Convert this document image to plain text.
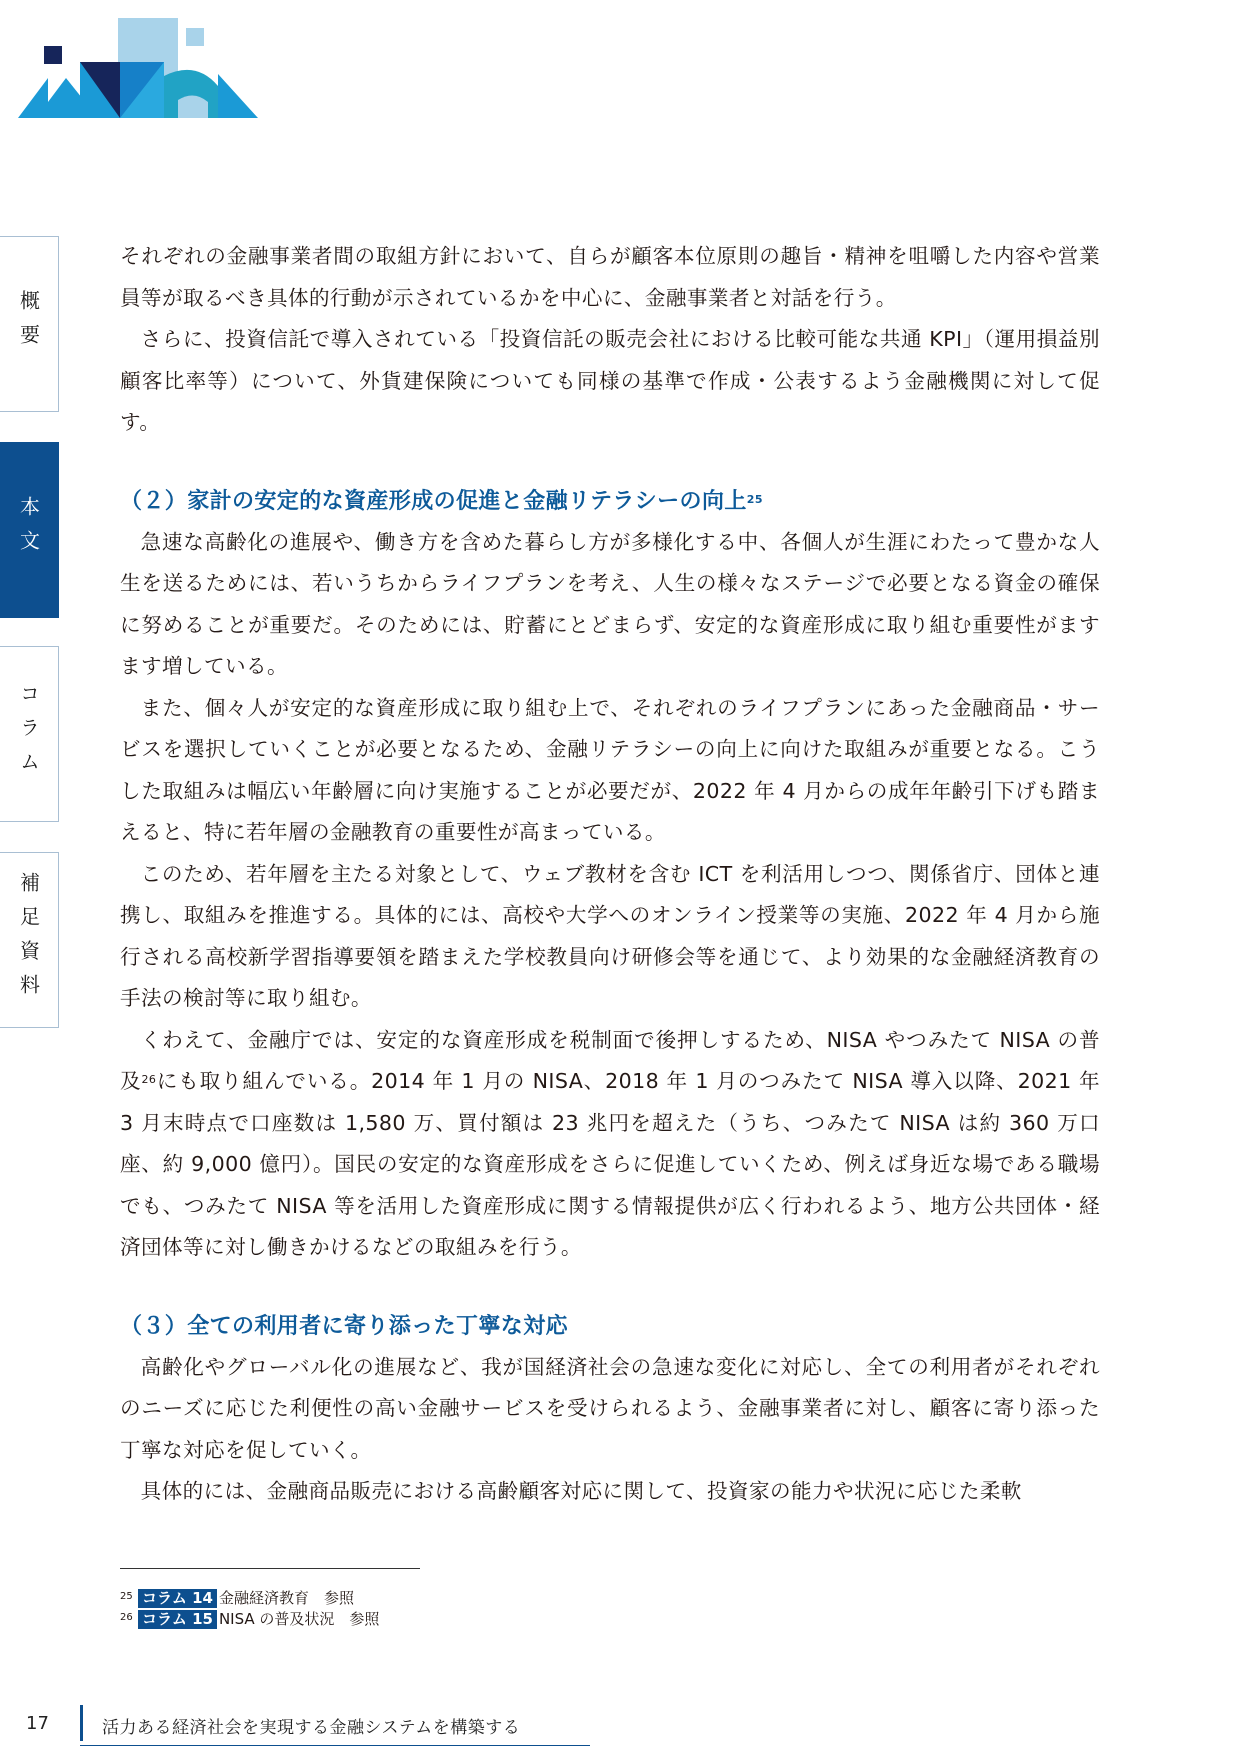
概要
本文
コラム
補足資料

それぞれの金融事業者間の取組方針において、自らが顧客本位原則の趣旨・精神を咀嚼した内容や営業員等が取るべき具体的行動が示されているかを中心に、金融事業者と対話を行う。

さらに、投資信託で導入されている「投資信託の販売会社における比較可能な共通 KPI」（運用損益別顧客比率等）について、外貨建保険についても同様の基準で作成・公表するよう金融機関に対して促す。

（２）家計の安定的な資産形成の促進と金融リテラシーの向上$^{25}$

急速な高齢化の進展や、働き方を含めた暮らし方が多様化する中、各個人が生涯にわたって豊かな人生を送るためには、若いうちからライフプランを考え、人生の様々なステージで必要となる資金の確保に努めることが重要だ。そのためには、貯蓄にとどまらず、安定的な資産形成に取り組む重要性がますます増している。

また、個々人が安定的な資産形成に取り組む上で、それぞれのライフプランにあった金融商品・サービスを選択していくことが必要となるため、金融リテラシーの向上に向けた取組みが重要となる。こうした取組みは幅広い年齢層に向け実施することが必要だが、2022 年 4 月からの成年年齢引下げも踏まえると、特に若年層の金融教育の重要性が高まっている。

このため、若年層を主たる対象として、ウェブ教材を含む ICT を利活用しつつ、関係省庁、団体と連携し、取組みを推進する。具体的には、高校や大学へのオンライン授業等の実施、2022 年 4 月から施行される高校新学習指導要領を踏まえた学校教員向け研修会等を通じて、より効果的な金融経済教育の手法の検討等に取り組む。

くわえて、金融庁では、安定的な資産形成を税制面で後押しするため、NISA やつみたて NISA の普及$^{26}$にも取り組んでいる。2014 年 1 月の NISA、2018 年 1 月のつみたて NISA 導入以降、2021 年 3 月末時点で口座数は 1,580 万、買付額は 23 兆円を超えた（うち、つみたて NISA は約 360 万口座、約 9,000 億円）。国民の安定的な資産形成をさらに促進していくため、例えば身近な場である職場でも、つみたて NISA 等を活用した資産形成に関する情報提供が広く行われるよう、地方公共団体・経済団体等に対し働きかけるなどの取組みを行う。

（３）全ての利用者に寄り添った丁寧な対応

高齢化やグローバル化の進展など、我が国経済社会の急速な変化に対応し、全ての利用者がそれぞれのニーズに応じた利便性の高い金融サービスを受けられるよう、金融事業者に対し、顧客に寄り添った丁寧な対応を促していく。

具体的には、金融商品販売における高齢顧客対応に関して、投資家の能力や状況に応じた柔軟

25 コラム 14 金融経済教育　参照
26 コラム 15 NISA の普及状況　参照
17	活力ある経済社会を実現する金融システムを構築する
